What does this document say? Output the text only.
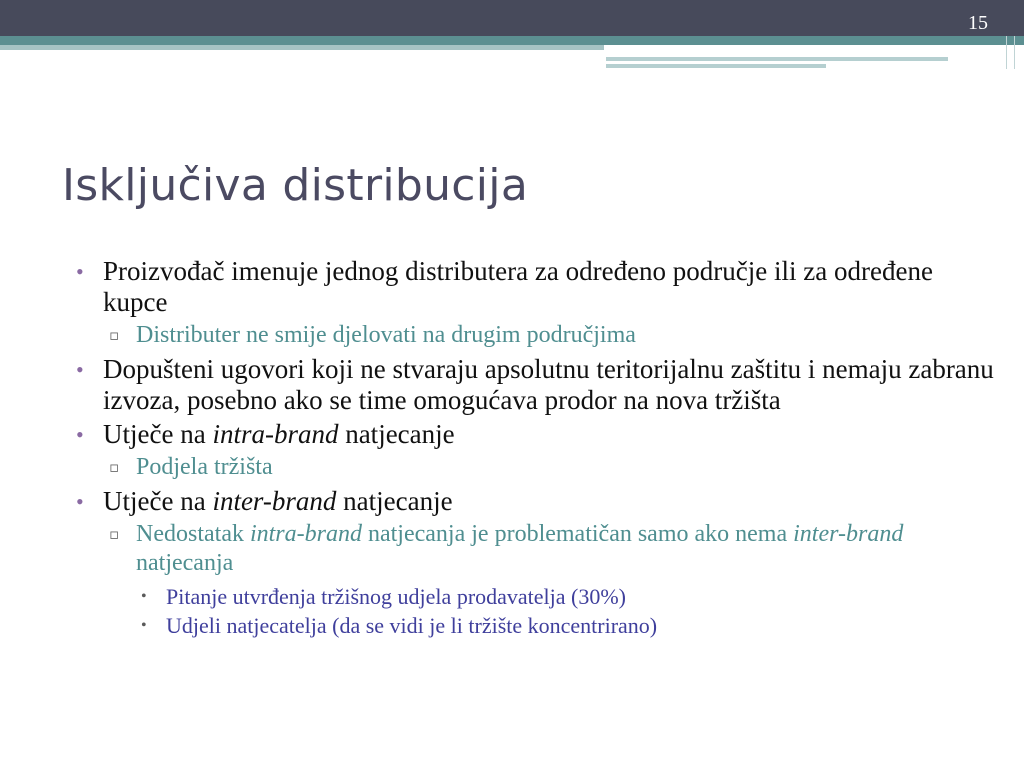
15
Isključiva distribucija
• Proizvođač imenuje jednog distributera za određeno područje ili za određene kupce
▫ Distributer ne smije djelovati na drugim područjima
• Dopušteni ugovori koji ne stvaraju apsolutnu teritorijalnu zaštitu i nemaju zabranu izvoza, posebno ako se time omogućava prodor na nova tržišta
• Utječe na intra-brand natjecanje
▫ Podjela tržišta
• Utječe na inter-brand natjecanje
▫ Nedostatak intra-brand natjecanja je problematičan samo ako nema inter-brand natjecanja
• Pitanje utvrđenja tržišnog udjela prodavatelja (30%)
• Udjeli natjecatelja (da se vidi je li tržište koncentrirano)
